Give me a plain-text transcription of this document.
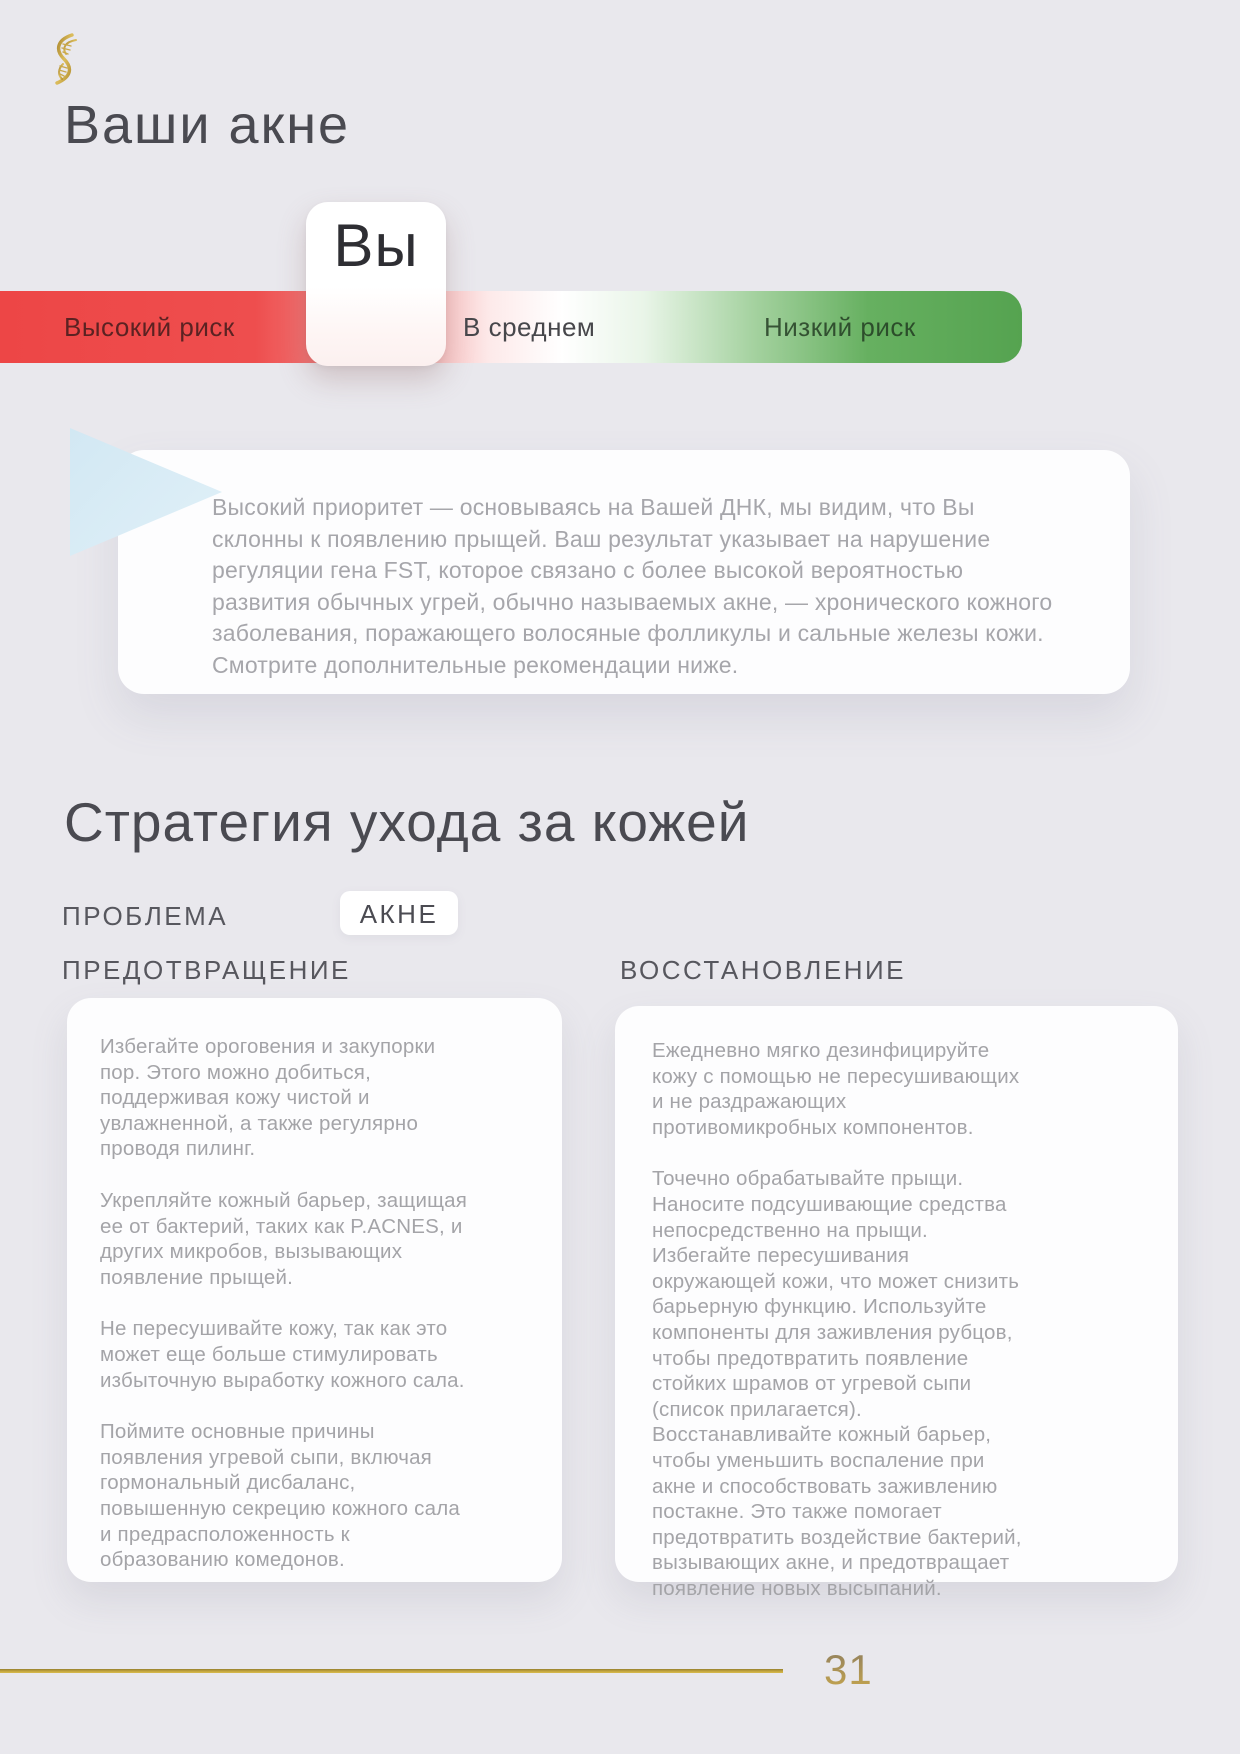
Ваши акне
Высокий риск	В среднем	Низкий риск
Вы
Высокий приоритет — основываясь на Вашей ДНК, мы видим, что Вы склонны к появлению прыщей. Ваш результат указывает на нарушение регуляции гена FST, которое связано с более высокой вероятностью развития обычных угрей, обычно называемых акне, — хронического кожного заболевания, поражающего волосяные фолликулы и сальные железы кожи. Смотрите дополнительные рекомендации ниже.
Стратегия ухода за кожей
ПРОБЛЕМА	АКНЕ
ПРЕДОТВРАЩЕНИЕ	ВОССТАНОВЛЕНИЕ

Избегайте ороговения и закупорки пор. Этого можно добиться, поддерживая кожу чистой и увлажненной, а также регулярно проводя пилинг.

Укрепляйте кожный барьер, защищая ее от бактерий, таких как P.ACNES, и других микробов, вызывающих появление прыщей.

Не пересушивайте кожу, так как это может еще больше стимулировать избыточную выработку кожного сала.

Поймите основные причины появления угревой сыпи, включая гормональный дисбаланс, повышенную секрецию кожного сала и предрасположенность к образованию комедонов.

Ежедневно мягко дезинфицируйте кожу с помощью не пересушивающих и не раздражающих противомикробных компонентов.

Точечно обрабатывайте прыщи. Наносите подсушивающие средства непосредственно на прыщи. Избегайте пересушивания окружающей кожи, что может снизить барьерную функцию. Используйте компоненты для заживления рубцов, чтобы предотвратить появление стойких шрамов от угревой сыпи (список прилагается). Восстанавливайте кожный барьер, чтобы уменьшить воспаление при акне и способствовать заживлению постакне. Это также помогает предотвратить воздействие бактерий, вызывающих акне, и предотвращает появление новых высыпаний.

31
